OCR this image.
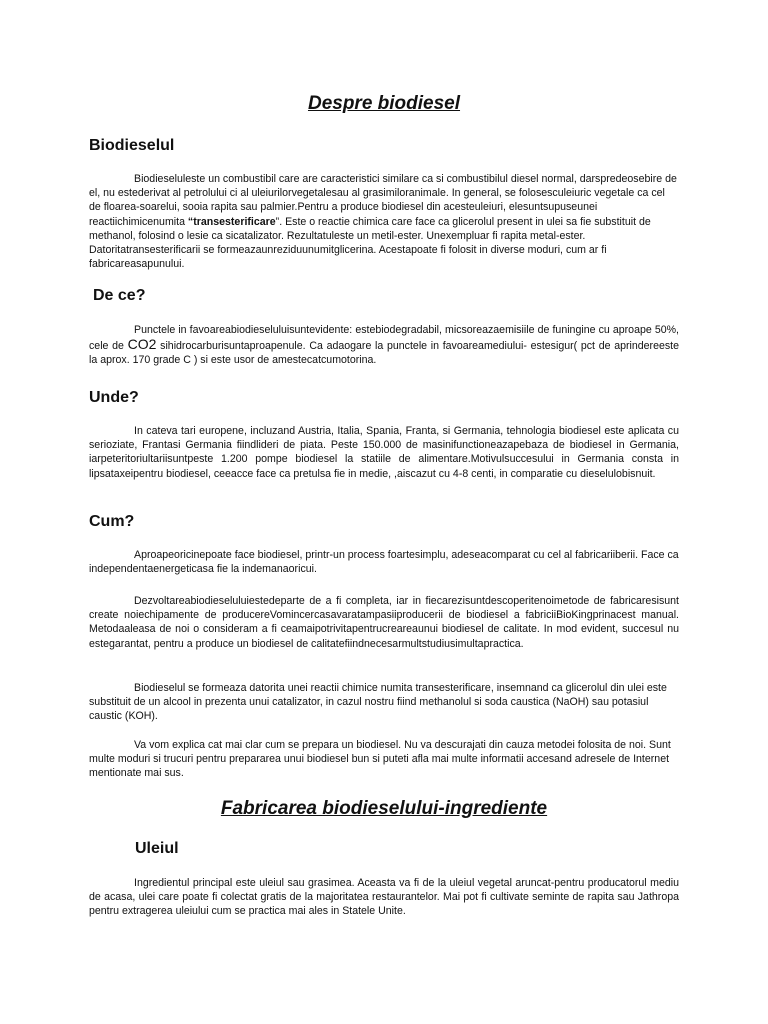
Despre biodiesel
Biodieselul
Biodieseluleste un combustibil care are caracteristici similare ca si combustibilul diesel normal, darspredeosebire de el, nu estederivat al petrolului ci al uleiurilorvegetalesau al grasimiloranimale. In general, se folosesculeiuric vegetale ca cel de floarea-soarelui, sooia rapita sau palmier.Pentru a produce biodiesel din acesteuleiuri, elesuntsupuseunei reactiichimicenumita “transesterificare”. Este o reactie chimica care face ca glicerolul present in ulei sa fie substituit de methanol, folosind o lesie ca sicatalizator. Rezultatuleste un metil-ester. Unexempluar fi rapita metal-ester. Datoritatransesterificarii se formeazaunreziduunumitglicerina. Acestapoate fi folosit in diverse moduri, cum ar fi fabricareasapunului.
De ce?
Punctele in favoareabiodieseluluisuntevidente: estebiodegradabil, micsoreazaemisiile de funingine cu aproape 50%, cele de CO2 sihidrocarburisuntaproapenule. Ca adaogare la punctele in favoareamediului- estesigur( pct de aprindereeste la aprox. 170 grade C ) si este usor de amestecatcumotorina.
Unde?
In cateva tari europene, incluzand Austria, Italia, Spania, Franta, si Germania, tehnologia biodiesel este aplicata cu serioziate, Frantasi Germania fiindlideri de piata. Peste 150.000 de masinifunctioneazapebaza de biodiesel in Germania, iarpeteritoriultariisuntpeste 1.200 pompe biodiesel la statiile de alimentare.Motivulsuccesului in Germania consta in lipsataxeipentru biodiesel, ceeacce face ca pretulsa fie in medie, ,aiscazut cu 4-8 centi, in comparatie cu dieselulobisnuit.
Cum?
Aproapeoricinepoate face biodiesel, printr-un process foartesimplu, adeseacomparat cu cel al fabricariiberii. Face ca independentaenergeticasa fie la indemanaoricui.
Dezvoltareabiodieseluluiestedeparte de a fi completa, iar in fiecarezisuntdescoperitenoimetode de fabricaresisunt create noiechipamente de producereVomincercasavaratampasiiproducerii de biodiesel a fabriciiBioKingprinacest manual. Metodaaleasa de noi o consideram a fi ceamaipotrivitapentrucreareaunui biodiesel de calitate. In mod evident, succesul nu estegarantat, pentru a produce un biodiesel de calitatefiindnecesarmultstudiusimultapractica.
Biodieselul se formeaza datorita unei reactii chimice numita transesterificare, insemnand ca glicerolul din ulei este substituit de un alcool in prezenta unui catalizator, in cazul nostru fiind methanolul si soda caustica (NaOH) sau potasiul caustic (KOH).
Va vom explica cat mai clar cum se prepara un biodiesel. Nu va descurajati din cauza metodei folosita de noi. Sunt multe moduri si trucuri pentru prepararea unui biodiesel bun si puteti afla mai multe informatii accesand adresele de Internet mentionate mai sus.
Fabricarea biodieselului-ingrediente
Uleiul
Ingredientul principal este uleiul sau grasimea. Aceasta va fi de la uleiul vegetal aruncat-pentru producatorul mediu de acasa, ulei care poate fi colectat gratis de la majoritatea restaurantelor. Mai pot fi cultivate seminte de rapita sau Jathropa pentru extragerea uleiului cum se practica mai ales in Statele Unite.
